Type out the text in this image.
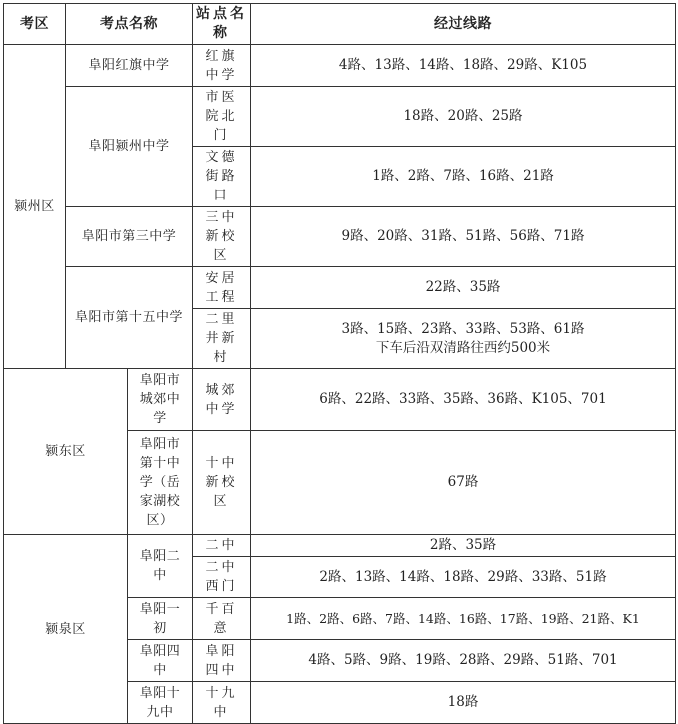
考区	考点名称		站点名称	经过线路
颍州区	阜阳红旗中学		红旗中学	4路、13路、14路、18路、29路、K105
	阜阳颍州中学		市医院北门	18路、20路、25路
			文德街路口	1路、2路、7路、16路、21路
	阜阳市第三中学		三中新校区	9路、20路、31路、51路、56路、71路
	阜阳市第十五中学		安居工程	22路、35路
			二里井新村	3路、15路、23路、33路、53路、61路
下车后沿双清路往西约500米

颍东区		阜阳市城郊中学	城郊中学	6路、22路、33路、35路、36路、K105、701
		阜阳市第十中学（岳家湖校区）	十中新校区	67路
颍泉区		阜阳二中	二中	2路、35路
			二中西门	2路、13路、14路、18路、29路、33路、51路
		阜阳一初	千百意	1路、2路、6路、7路、14路、16路、17路、19路、21路、K1
		阜阳四中	阜阳四中	4路、5路、9路、19路、28路、29路、51路、701
		阜阳十九中	十九中	18路
